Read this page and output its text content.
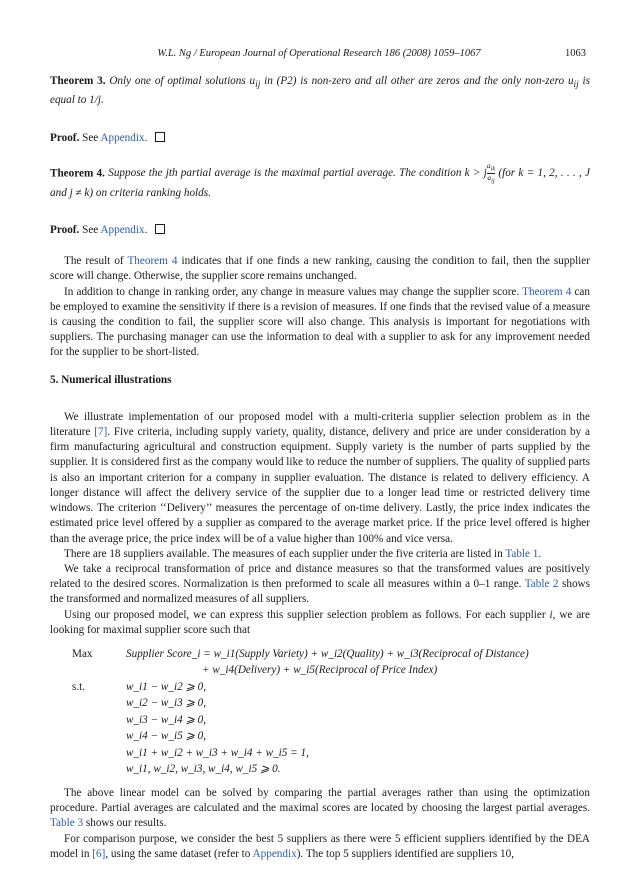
W.L. Ng / European Journal of Operational Research 186 (2008) 1059–1067	1063

Theorem 3. Only one of optimal solutions $u_{ij}$ in (P2) is non-zero and all other are zeros and the only non-zero $u_{ij}$ is equal to 1/j.

Proof. See Appendix.

Theorem 4. Suppose the jth partial average is the maximal partial average. The condition k > j $\frac{a_{ik}}{a_{ij}} (for$ k = 1, 2, . . . , J and j ≠ k) on criteria ranking holds.

Proof. See Appendix.

The result of Theorem 4 indicates that if one finds a new ranking, causing the condition to fail, then the supplier score will change. Otherwise, the supplier score remains unchanged.

In addition to change in ranking order, any change in measure values may change the supplier score. Theorem 4 can be employed to examine the sensitivity if there is a revision of measures. If one finds that the revised value of a measure is causing the condition to fail, the supplier score will also change. This analysis is important for negotiations with suppliers. The purchasing manager can use the information to deal with a supplier to ask for any improvement needed for the supplier to be short-listed.

5. Numerical illustrations

We illustrate implementation of our proposed model with a multi-criteria supplier selection problem as in the literature [7]. Five criteria, including supply variety, quality, distance, delivery and price are under consideration by a firm manufacturing agricultural and construction equipment. Supply variety is the number of parts supplied by the supplier. It is considered first as the company would like to reduce the number of suppliers. The quality of supplied parts is also an important criterion for a company in supplier evaluation. The distance is related to delivery efficiency. A longer distance will affect the delivery service of the supplier due to a longer lead time or restricted delivery time windows. The criterion ‘‘Delivery’’ measures the percentage of on-time delivery. Lastly, the price index indicates the estimated price level offered by a supplier as compared to the average market price. If the price level offered is higher than the average price, the price index will be of a value higher than 100% and vice versa.

There are 18 suppliers available. The measures of each supplier under the five criteria are listed in Table 1.

We take a reciprocal transformation of price and distance measures so that the transformed values are positively related to the desired scores. Normalization is then preformed to scale all measures within a 0–1 range. Table 2 shows the transformed and normalized measures of all suppliers.

Using our proposed model, we can express this supplier selection problem as follows. For each supplier i, we are looking for maximal supplier score such that

Max	Supplier Score_i = w_i1(Supply Variety) + w_i2(Quality) + w_i3(Reciprocal of Distance)
+ w_i4(Delivery) + w_i5(Reciprocal of Price Index)
s.t.	w_i1 − w_i2 ⩾ 0,
w_i2 − w_i3 ⩾ 0,
w_i3 − w_i4 ⩾ 0,
w_i4 − w_i5 ⩾ 0,
w_i1 + w_i2 + w_i3 + w_i4 + w_i5 = 1,
w_i1, w_i2, w_i3, w_i4, w_i5 ⩾ 0.

The above linear model can be solved by comparing the partial averages rather than using the optimization procedure. Partial averages are calculated and the maximal scores are located by choosing the largest partial averages. Table 3 shows our results.

For comparison purpose, we consider the best 5 suppliers as there were 5 efficient suppliers identified by the DEA model in [6], using the same dataset (refer to Appendix). The top 5 suppliers identified are suppliers 10,
